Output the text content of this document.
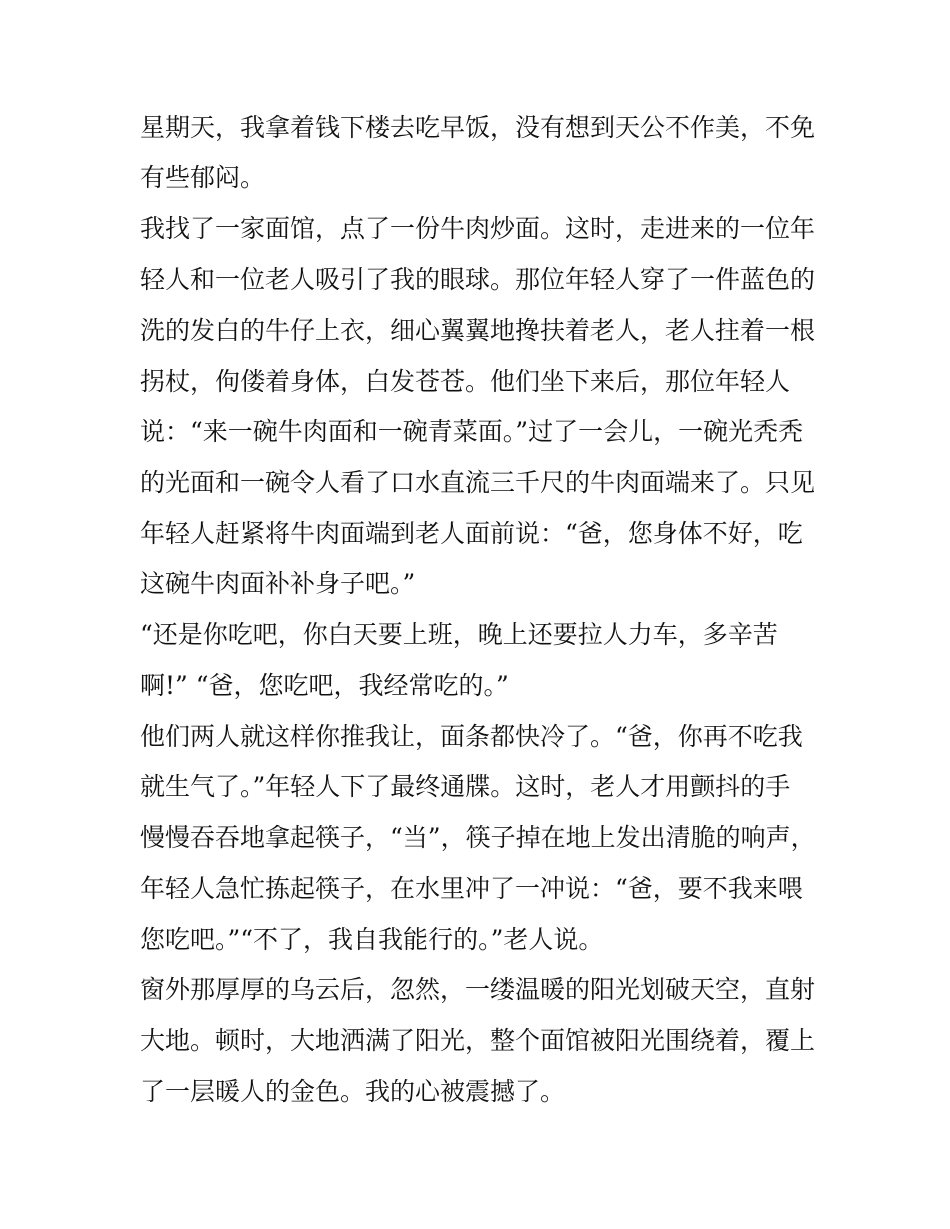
星期天，我拿着钱下楼去吃早饭，没有想到天公不作美，不免
有些郁闷。
我找了一家面馆，点了一份牛肉炒面。这时，走进来的一位年
轻人和一位老人吸引了我的眼球。那位年轻人穿了一件蓝色的
洗的发白的牛仔上衣，细心翼翼地搀扶着老人，老人拄着一根
拐杖，佝偻着身体，白发苍苍。他们坐下来后，那位年轻人
说：“来一碗牛肉面和一碗青菜面。”过了一会儿，一碗光秃秃
的光面和一碗令人看了口水直流三千尺的牛肉面端来了。只见
年轻人赶紧将牛肉面端到老人面前说：“爸，您身体不好，吃
这碗牛肉面补补身子吧。”
“还是你吃吧，你白天要上班，晚上还要拉人力车，多辛苦
啊!” “爸，您吃吧，我经常吃的。”
他们两人就这样你推我让，面条都快冷了。“爸，你再不吃我
就生气了。”年轻人下了最终通牒。这时，老人才用颤抖的手
慢慢吞吞地拿起筷子，“当”，筷子掉在地上发出清脆的响声，
年轻人急忙拣起筷子，在水里冲了一冲说：“爸，要不我来喂
您吃吧。”“不了，我自我能行的。”老人说。
窗外那厚厚的乌云后，忽然，一缕温暖的阳光划破天空，直射
大地。顿时，大地洒满了阳光，整个面馆被阳光围绕着，覆上
了一层暖人的金色。我的心被震撼了。
